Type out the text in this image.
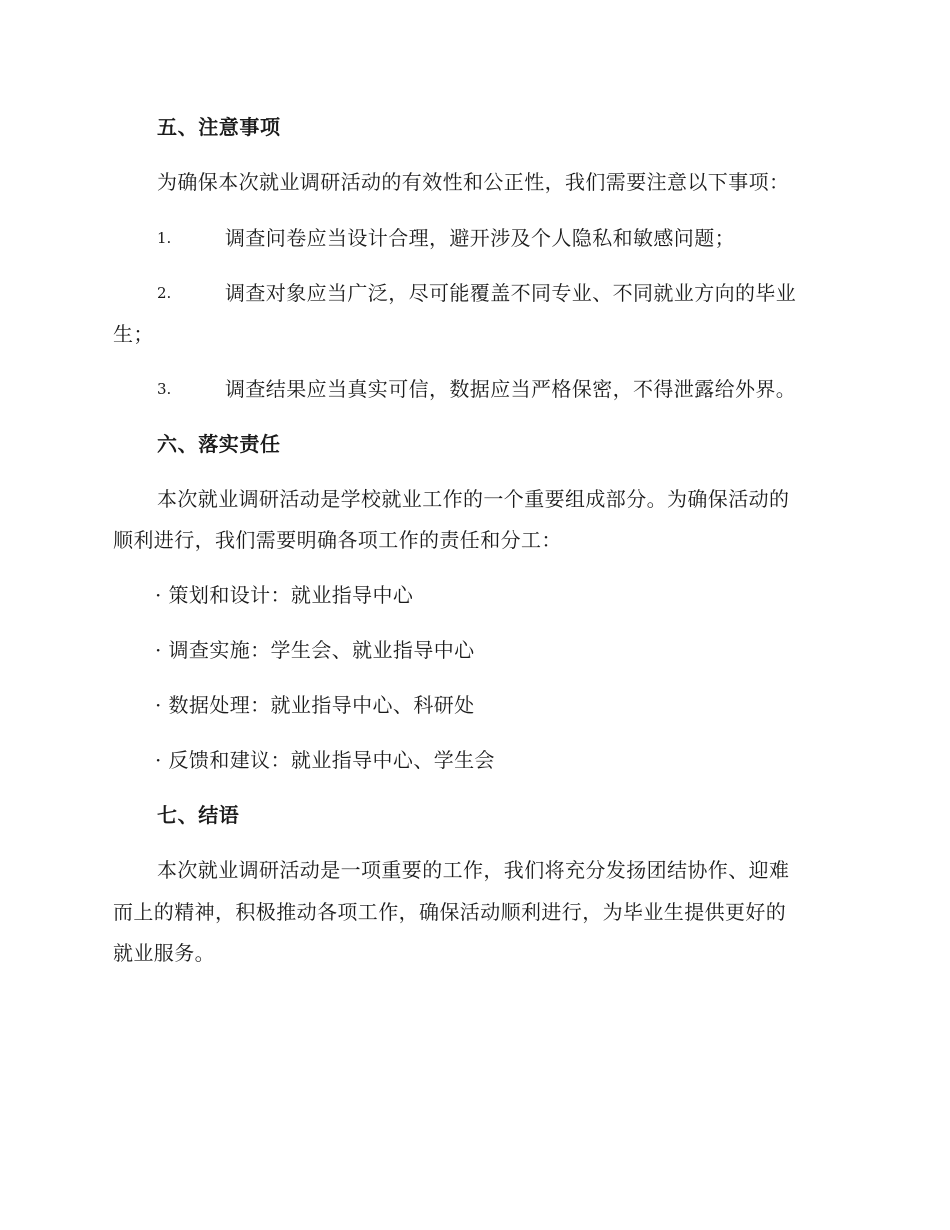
五、注意事项
为确保本次就业调研活动的有效性和公正性，我们需要注意以下事项：
1.	调查问卷应当设计合理，避开涉及个人隐私和敏感问题；
2.	调查对象应当广泛，尽可能覆盖不同专业、不同就业方向的毕业
生；
3.	调查结果应当真实可信，数据应当严格保密，不得泄露给外界。
六、落实责任
本次就业调研活动是学校就业工作的一个重要组成部分。为确保活动的
顺利进行，我们需要明确各项工作的责任和分工：
· 策划和设计：就业指导中心
· 调查实施：学生会、就业指导中心
· 数据处理：就业指导中心、科研处
· 反馈和建议：就业指导中心、学生会
七、结语
本次就业调研活动是一项重要的工作，我们将充分发扬团结协作、迎难
而上的精神，积极推动各项工作，确保活动顺利进行，为毕业生提供更好的
就业服务。
